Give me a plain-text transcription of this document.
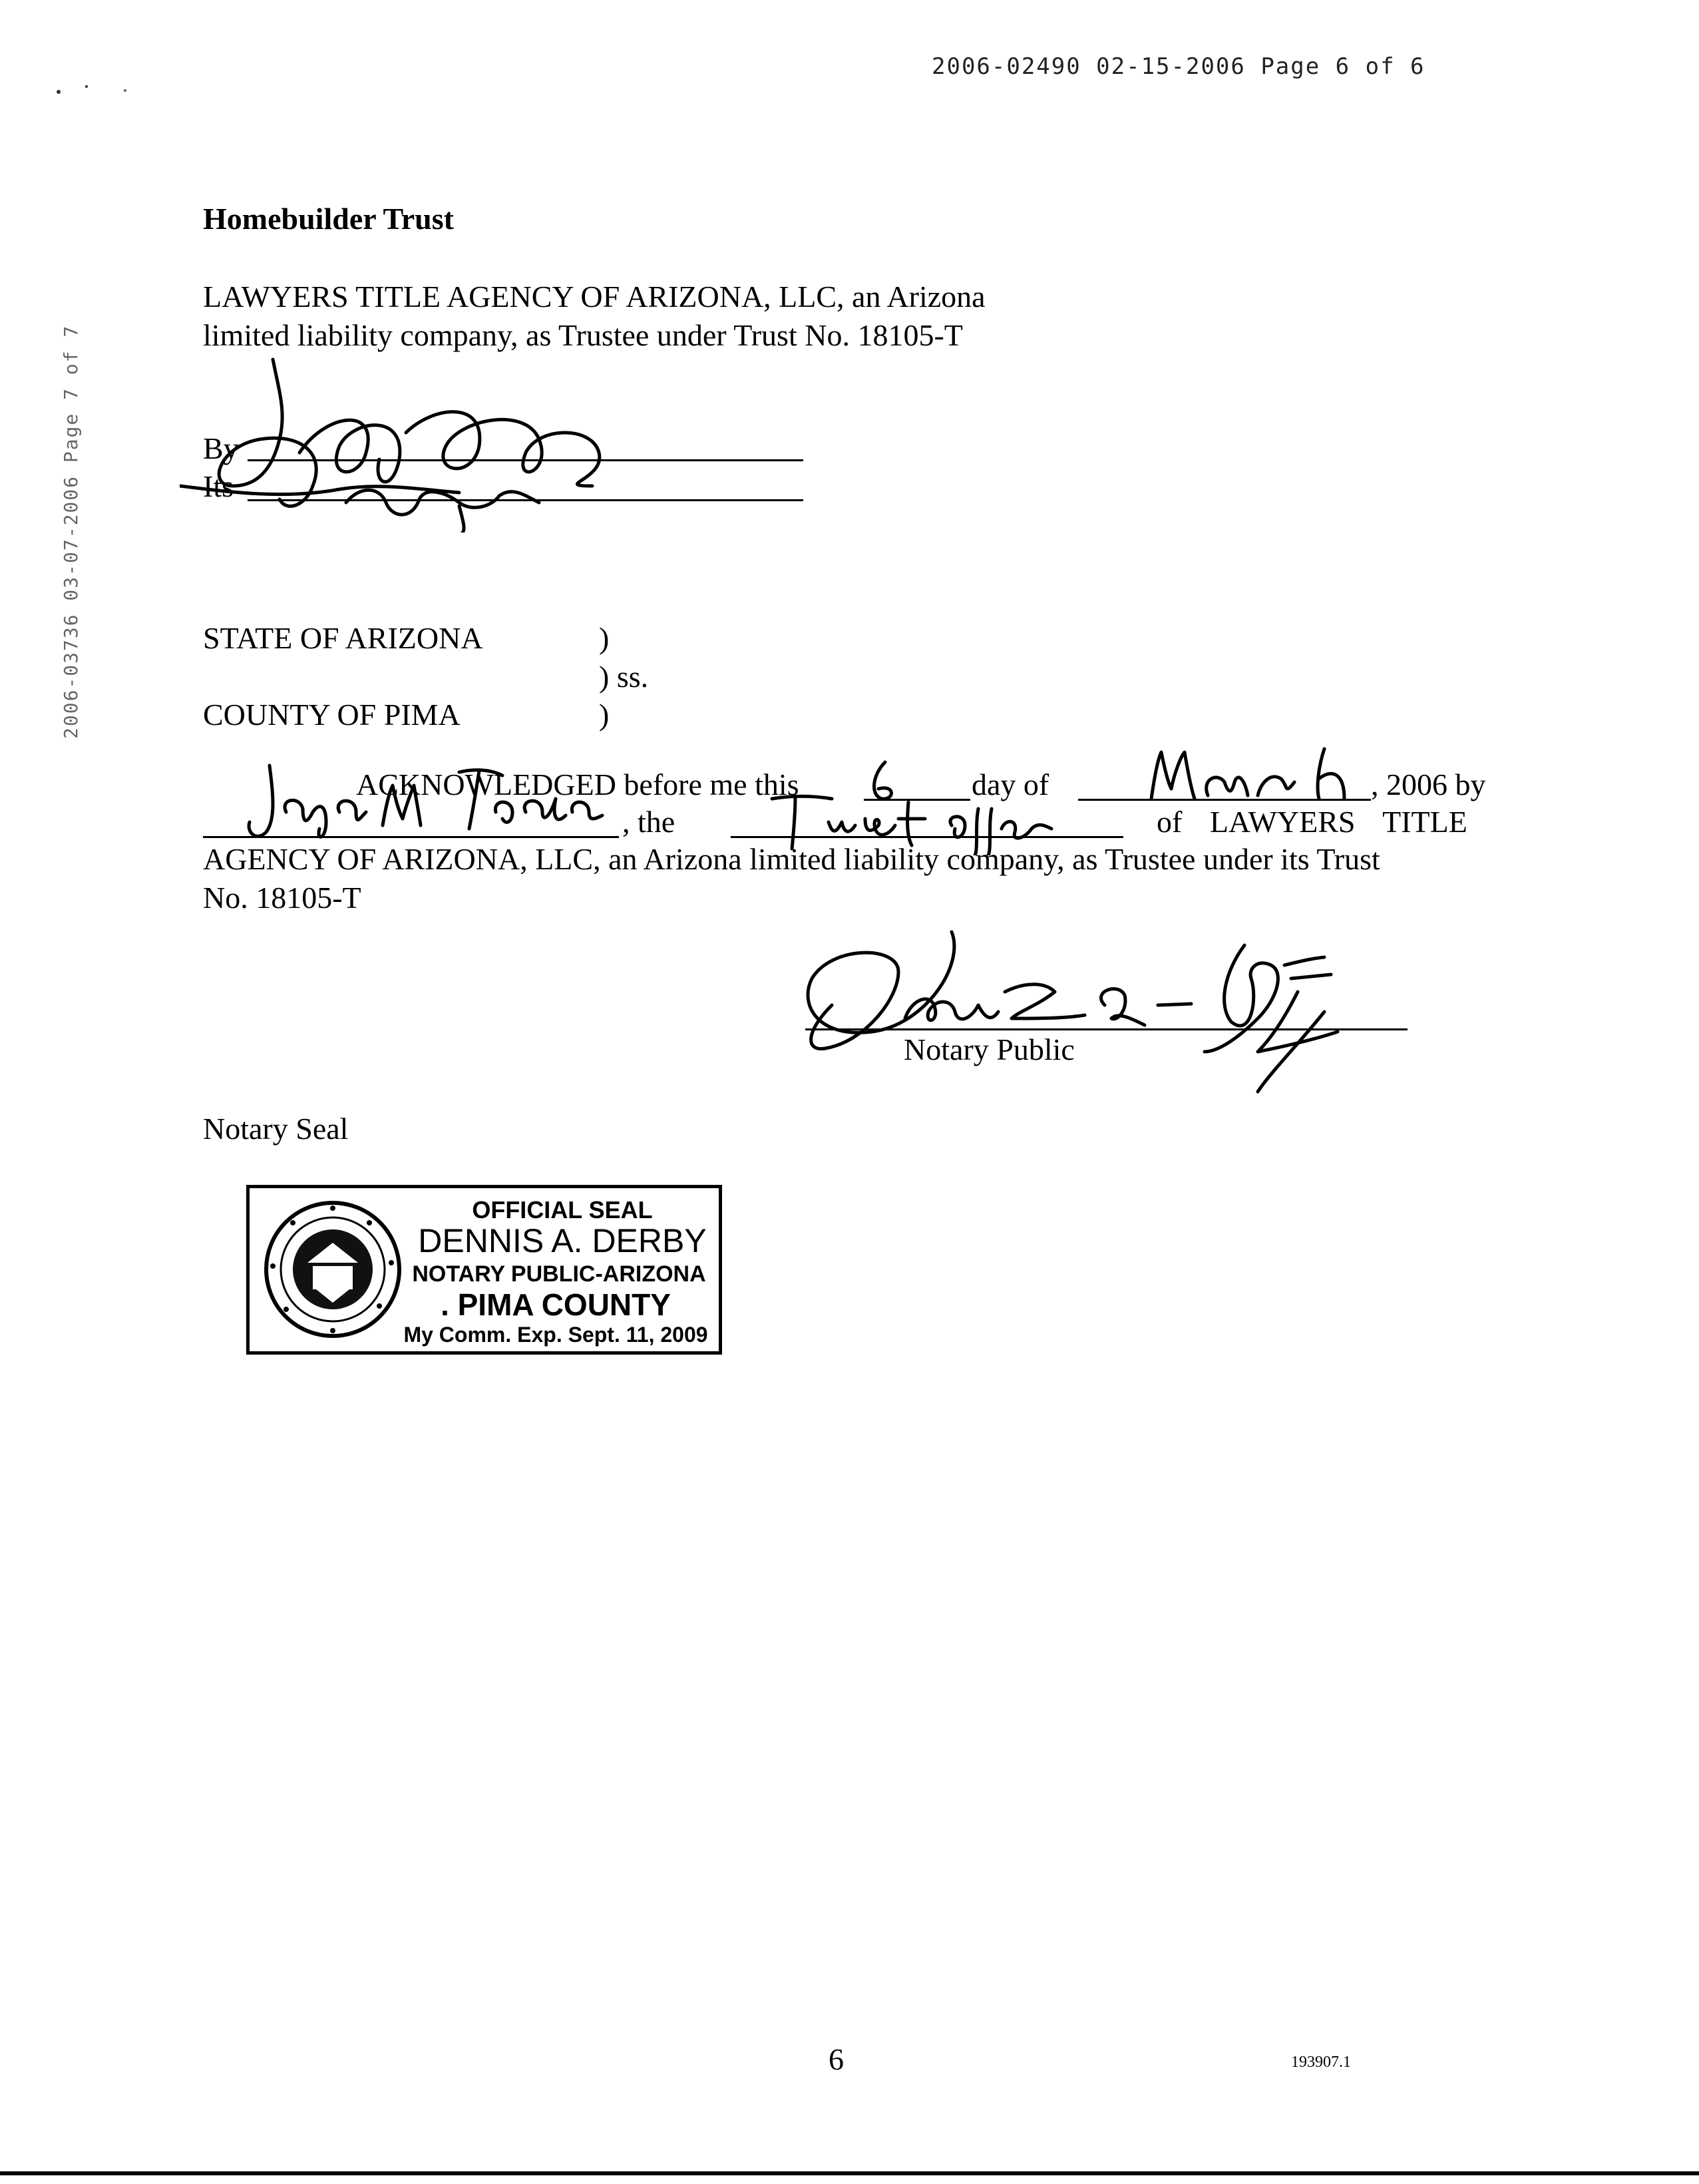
2006-02490 02-15-2006 Page 6 of 6
2006-03736 03-07-2006 Page 7 of 7
Homebuilder Trust
LAWYERS TITLE AGENCY OF ARIZONA, LLC, an Arizona
limited liability company, as Trustee under Trust No. 18105-T
By
Its
STATE OF ARIZONA	)
) ss.
COUNTY OF PIMA	)
ACKNOWLEDGED before me this	day of	, 2006 by
, the	of LAWYERS TITLE
AGENCY OF ARIZONA, LLC, an Arizona limited liability company, as Trustee under its Trust
No. 18105-T
Notary Public
Notary Seal
OFFICIAL SEAL
DENNIS A. DERBY
NOTARY PUBLIC-ARIZONA
. PIMA COUNTY
My Comm. Exp. Sept. 11, 2009
6	193907.1
